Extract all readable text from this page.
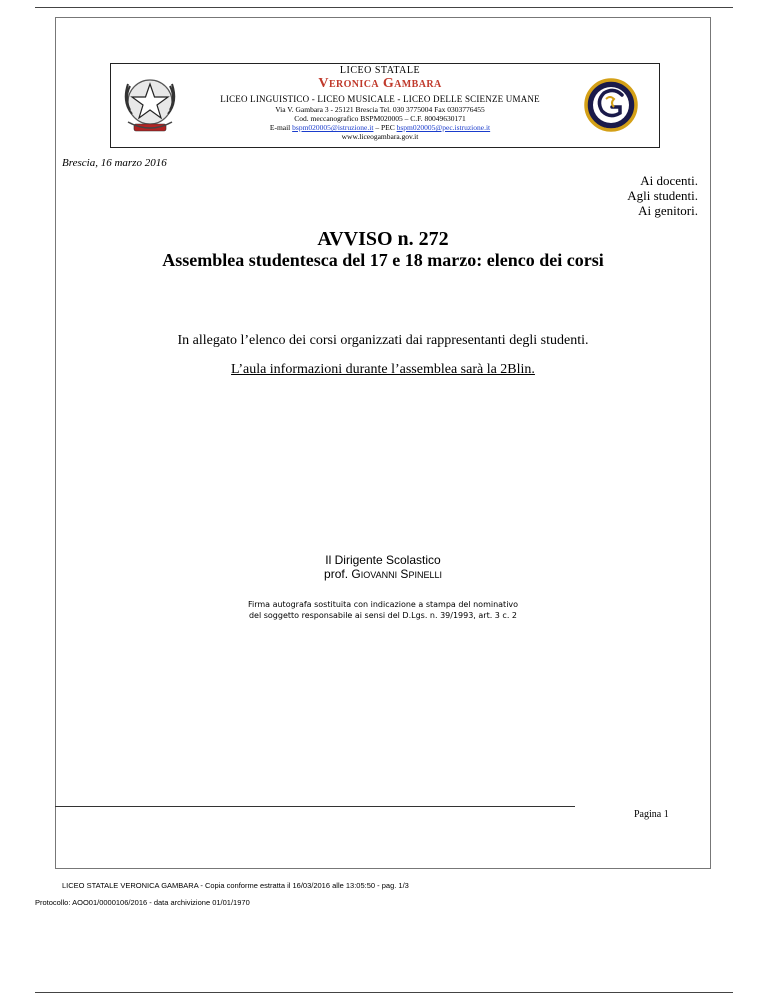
LICEO STATALE
VERONICA GAMBARA
LICEO LINGUISTICO - LICEO MUSICALE - LICEO DELLE SCIENZE UMANE
Via V. Gambara 3 - 25121 Brescia Tel. 030 3775004 Fax 0303776455
Cod. meccanografico BSPM020005 – C.F. 80049630171
E-mail bspm020005@istruzione.it – PEC bspm020005@pec.istruzione.it
www.liceogambara.gov.it
Brescia, 16 marzo 2016
Ai docenti.
Agli studenti.
Ai genitori.
AVVISO n. 272
Assemblea studentesca del 17 e 18 marzo: elenco dei corsi
In allegato l’elenco dei corsi organizzati dai rappresentanti degli studenti.
L’aula informazioni durante l’assemblea sarà la 2Blin.
Il Dirigente Scolastico
prof. GIOVANNI SPINELLI
Firma autografa sostituita con indicazione a stampa del nominativo
del soggetto responsabile ai sensi del D.Lgs. n. 39/1993, art. 3 c. 2
Pagina 1
LICEO STATALE VERONICA GAMBARA - Copia conforme estratta il 16/03/2016 alle 13:05:50 - pag. 1/3
Protocollo: AOO01/0000106/2016 - data archivizione 01/01/1970
